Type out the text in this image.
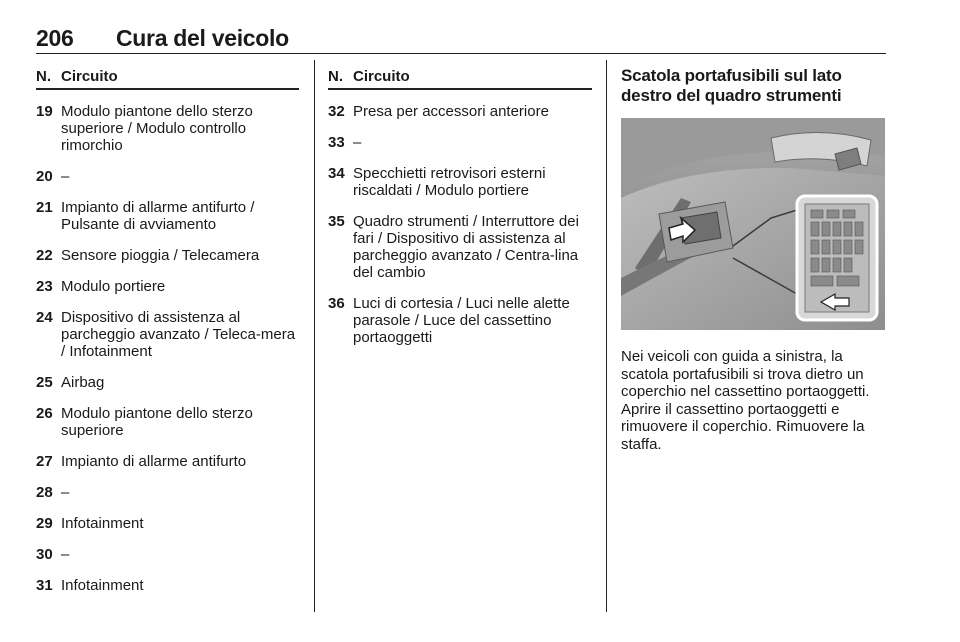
206 Cura del veicolo
N. Circuito
19 Modulo piantone dello sterzo superiore / Modulo controllo rimorchio
20 –
21 Impianto di allarme antifurto / Pulsante di avviamento
22 Sensore pioggia / Telecamera
23 Modulo portiere
24 Dispositivo di assistenza al parcheggio avanzato / Teleca-mera / Infotainment
25 Airbag
26 Modulo piantone dello sterzo superiore
27 Impianto di allarme antifurto
28 –
29 Infotainment
30 –
31 Infotainment
N. Circuito
32 Presa per accessori anteriore
33 –
34 Specchietti retrovisori esterni riscaldati / Modulo portiere
35 Quadro strumenti / Interruttore dei fari / Dispositivo di assistenza al parcheggio avanzato / Centra-lina del cambio
36 Luci di cortesia / Luci nelle alette parasole / Luce del cassettino portaoggetti
Scatola portafusibili sul lato destro del quadro strumenti

Nei veicoli con guida a sinistra, la scatola portafusibili si trova dietro un coperchio nel cassettino portaoggetti. Aprire il cassettino portaoggetti e rimuovere il coperchio. Rimuovere la staffa.
